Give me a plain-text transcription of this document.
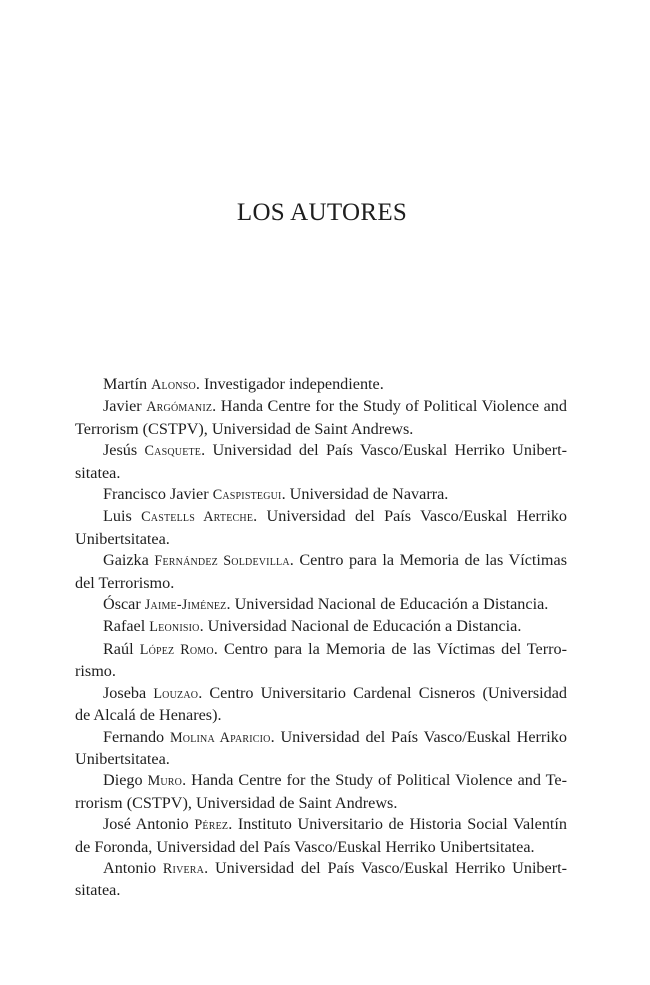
LOS AUTORES
Martín Alonso. Investigador independiente.
Javier Argómaniz. Handa Centre for the Study of Political Violence and Terrorism (CSTPV), Universidad de Saint Andrews.
Jesús Casquete. Universidad del País Vasco/Euskal Herriko Unibertsitatea.
Francisco Javier Caspistegui. Universidad de Navarra.
Luis Castells Arteche. Universidad del País Vasco/Euskal Herriko Unibertsitatea.
Gaizka Fernández Soldevilla. Centro para la Memoria de las Víctimas del Terrorismo.
Óscar Jaime-Jiménez. Universidad Nacional de Educación a Distancia.
Rafael Leonisio. Universidad Nacional de Educación a Distancia.
Raúl López Romo. Centro para la Memoria de las Víctimas del Terrorismo.
Joseba Louzao. Centro Universitario Cardenal Cisneros (Universidad de Alcalá de Henares).
Fernando Molina Aparicio. Universidad del País Vasco/Euskal Herriko Unibertsitatea.
Diego Muro. Handa Centre for the Study of Political Violence and Terrorism (CSTPV), Universidad de Saint Andrews.
José Antonio Pérez. Instituto Universitario de Historia Social Valentín de Foronda, Universidad del País Vasco/Euskal Herriko Unibertsitatea.
Antonio Rivera. Universidad del País Vasco/Euskal Herriko Unibertsitatea.
